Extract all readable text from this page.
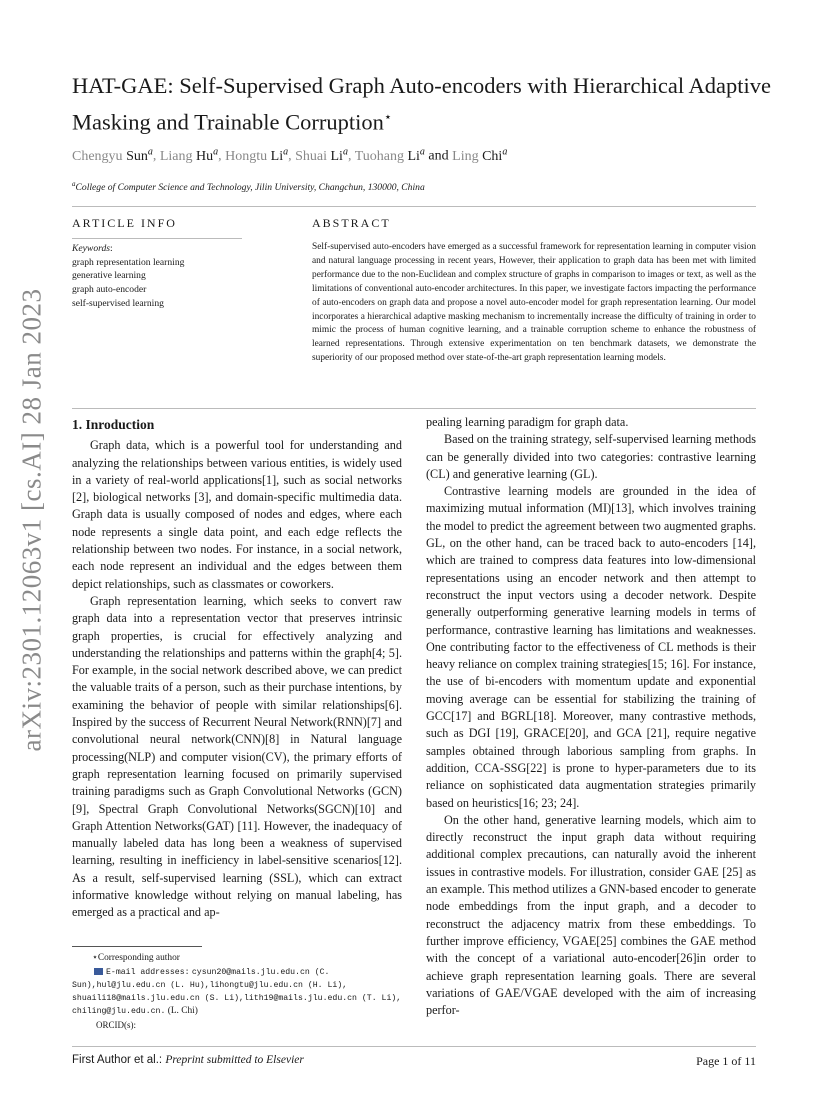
arXiv:2301.12063v1 [cs.AI] 28 Jan 2023
HAT-GAE: Self-Supervised Graph Auto-encoders with Hierarchical Adaptive Masking and Trainable Corruption⋆
Chengyu Sun$^a$, Liang Hu$^a$, Hongtu Li$^a$, Shuai Li$^a$, Tuohang Li$^a$ and Ling Chi$^a$
$^a$College of Computer Science and Technology, Jilin University, Changchun, 130000, China
ARTICLE INFO	ABSTRACT
Keywords:
graph representation learning
generative learning
graph auto-encoder
self-supervised learning
Self-supervised auto-encoders have emerged as a successful framework for representation learning in computer vision and natural language processing in recent years, However, their application to graph data has been met with limited performance due to the non-Euclidean and complex structure of graphs in comparison to images or text, as well as the limitations of conventional auto-encoder architectures. In this paper, we investigate factors impacting the performance of auto-encoders on graph data and propose a novel auto-encoder model for graph representation learning. Our model incorporates a hierarchical adaptive masking mechanism to incrementally increase the difficulty of training in order to mimic the process of human cognitive learning, and a trainable corruption scheme to enhance the robustness of learned representations. Through extensive experimentation on ten benchmark datasets, we demonstrate the superiority of our proposed method over state-of-the-art graph representation learning models.
1. Inroduction

Graph data, which is a powerful tool for understanding and analyzing the relationships between various entities, is widely used in a variety of real-world applications[1], such as social networks [2], biological networks [3], and domain-specific multimedia data. Graph data is usually composed of nodes and edges, where each node represents a single data point, and each edge reflects the relationship between two nodes. For instance, in a social network, each node represent an individual and the edges between them depict relationships, such as classmates or coworkers.

Graph representation learning, which seeks to convert raw graph data into a representation vector that preserves intrinsic graph properties, is crucial for effectively analyzing and understanding the relationships and patterns within the graph[4; 5]. For example, in the social network described above, we can predict the valuable traits of a person, such as their purchase intentions, by examining the behavior of people with similar relationships[6]. Inspired by the success of Recurrent Neural Network(RNN)[7] and convolutional neural network(CNN)[8] in Natural language processing(NLP) and computer vision(CV), the primary efforts of graph representation learning focused on primarily supervised training paradigms such as Graph Convolutional Networks (GCN)[9], Spectral Graph Convolutional Networks(SGCN)[10] and Graph Attention Networks(GAT) [11]. However, the inadequacy of manually labeled data has long been a weakness of supervised learning, resulting in inefficiency in label-sensitive scenarios[12]. As a result, self-supervised learning (SSL), which can extract informative knowledge without relying on manual labeling, has emerged as a practical and ap-

pealing learning paradigm for graph data.

Based on the training strategy, self-supervised learning methods can be generally divided into two categories: contrastive learning (CL) and generative learning (GL).

Contrastive learning models are grounded in the idea of maximizing mutual information (MI)[13], which involves training the model to predict the agreement between two augmented graphs. GL, on the other hand, can be traced back to auto-encoders [14], which are trained to compress data features into low-dimensional representations using an encoder network and then attempt to reconstruct the input vectors using a decoder network. Despite generally outperforming generative learning models in terms of performance, contrastive learning has limitations and weaknesses. One contributing factor to the effectiveness of CL methods is their heavy reliance on complex training strategies[15; 16]. For instance, the use of bi-encoders with momentum update and exponential moving average can be essential for stabilizing the training of GCC[17] and BGRL[18]. Moreover, many contrastive methods, such as DGI [19], GRACE[20], and GCA [21], require negative samples obtained through laborious sampling from graphs. In addition, CCA-SSG[22] is prone to hyper-parameters due to its reliance on sophisticated data augmentation strategies primarily based on heuristics[16; 23; 24].

On the other hand, generative learning models, which aim to directly reconstruct the input graph data without requiring additional complex precautions, can naturally avoid the inherent issues in contrastive models. For illustration, consider GAE [25] as an example. This method utilizes a GNN-based encoder to generate node embeddings from the input graph, and a decoder to reconstruct the adjacency matrix from these embeddings. To further improve efficiency, VGAE[25] combines the GAE method with the concept of a variational auto-encoder[26]in order to achieve graph representation learning goals. There are several variations of GAE/VGAE developed with the aim of increasing perfor-

⋆Corresponding author
E-mail addresses: cysun20@mails.jlu.edu.cn (C. Sun),hul@jlu.edu.cn (L. Hu),lihongtu@jlu.edu.cn (H. Li), shuaili18@mails.jlu.edu.cn (S. Li),lith19@mails.jlu.edu.cn (T. Li), chiling@jlu.edu.cn. (L. Chi)
ORCID(s):
First Author et al.: Preprint submitted to Elsevier	Page 1 of 11
